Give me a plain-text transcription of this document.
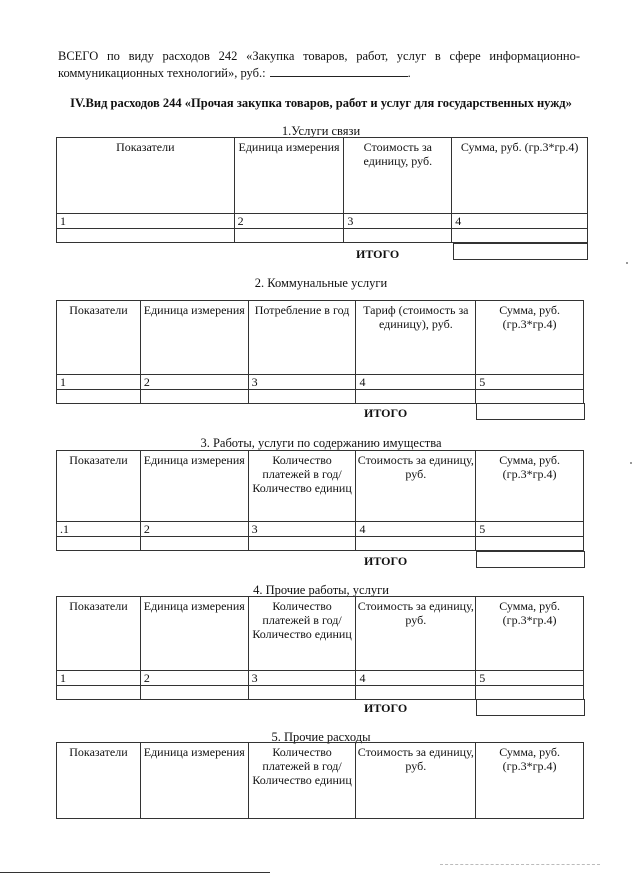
ВСЕГО по виду расходов 242 «Закупка товаров, работ, услуг в сфере информационно-
коммуникационных технологий», руб.:	.
IV.Вид расходов 244 «Прочая закупка товаров, работ и услуг для государственных нужд»
1.Услуги связи
Показатели	Единица измерения	Стоимость за единицу, руб.	Сумма, руб. (гр.3*гр.4)
1	2	3	4

ИТОГО
2. Коммунальные услуги
Показатели	Единица измерения	Потребление в год	Тариф (стоимость за единицу), руб.	Сумма, руб. (гр.3*гр.4)
1	2	3	4	5

ИТОГО
3. Работы, услуги по содержанию имущества
Показатели	Единица измерения	Количество платежей в год/Количество единиц	Стоимость за единицу, руб.	Сумма, руб. (гр.3*гр.4)
.1	2	3	4	5

ИТОГО
4. Прочие работы, услуги
Показатели	Единица измерения	Количество платежей в год/Количество единиц	Стоимость за единицу, руб.	Сумма, руб. (гр.3*гр.4)
1	2	3	4	5

ИТОГО
5. Прочие расходы
Показатели	Единица измерения	Количество платежей в год/Количество единиц	Стоимость за единицу, руб.	Сумма, руб. (гр.3*гр.4)
